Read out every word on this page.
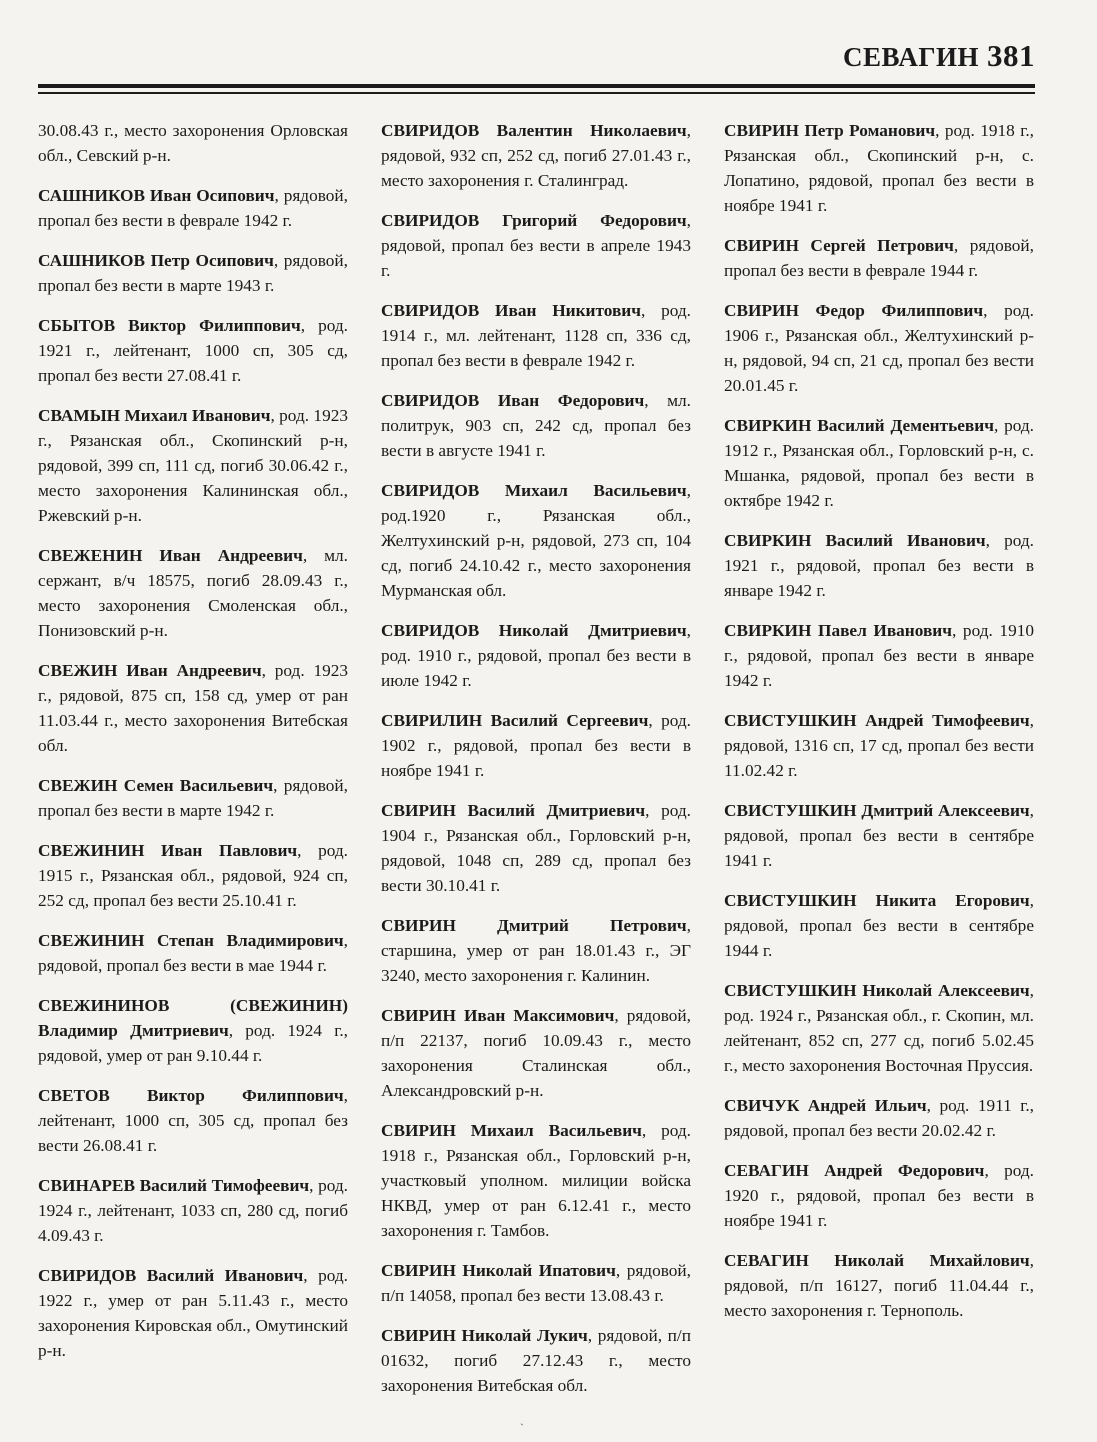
СЕВАГИН 381

30.08.43 г., место захоронения Орловская обл., Севский р-н.

САШНИКОВ Иван Осипович, рядовой, пропал без вести в феврале 1942 г.

САШНИКОВ Петр Осипович, рядовой, пропал без вести в марте 1943 г.

СБЫТОВ Виктор Филиппович, род. 1921 г., лейтенант, 1000 сп, 305 сд, пропал без вести 27.08.41 г.

СВАМЫН Михаил Иванович, род. 1923 г., Рязанская обл., Скопинский р-н, рядовой, 399 сп, 111 сд, погиб 30.06.42 г., место захоронения Калининская обл., Ржевский р-н.

СВЕЖЕНИН Иван Андреевич, мл. сержант, в/ч 18575, погиб 28.09.43 г., место захоронения Смоленская обл., Понизовский р-н.

СВЕЖИН Иван Андреевич, род. 1923 г., рядовой, 875 сп, 158 сд, умер от ран 11.03.44 г., место захоронения Витебская обл.

СВЕЖИН Семен Васильевич, рядовой, пропал без вести в марте 1942 г.

СВЕЖИНИН Иван Павлович, род. 1915 г., Рязанская обл., рядовой, 924 сп, 252 сд, пропал без вести 25.10.41 г.

СВЕЖИНИН Степан Владимирович, рядовой, пропал без вести в мае 1944 г.

СВЕЖИНИНОВ (СВЕЖИНИН) Владимир Дмитриевич, род. 1924 г., рядовой, умер от ран 9.10.44 г.

СВЕТОВ Виктор Филиппович, лейтенант, 1000 сп, 305 сд, пропал без вести 26.08.41 г.

СВИНАРЕВ Василий Тимофеевич, род. 1924 г., лейтенант, 1033 сп, 280 сд, погиб 4.09.43 г.

СВИРИДОВ Василий Иванович, род. 1922 г., умер от ран 5.11.43 г., место захоронения Кировская обл., Омутинский р-н.

СВИРИДОВ Валентин Николаевич, рядовой, 932 сп, 252 сд, погиб 27.01.43 г., место захоронения г. Сталинград.

СВИРИДОВ Григорий Федорович, рядовой, пропал без вести в апреле 1943 г.

СВИРИДОВ Иван Никитович, род. 1914 г., мл. лейтенант, 1128 сп, 336 сд, пропал без вести в феврале 1942 г.

СВИРИДОВ Иван Федорович, мл. политрук, 903 сп, 242 сд, пропал без вести в августе 1941 г.

СВИРИДОВ Михаил Васильевич, род.1920 г., Рязанская обл., Желтухинский р-н, рядовой, 273 сп, 104 сд, погиб 24.10.42 г., место захоронения Мурманская обл.

СВИРИДОВ Николай Дмитриевич, род. 1910 г., рядовой, пропал без вести в июле 1942 г.

СВИРИЛИН Василий Сергеевич, род. 1902 г., рядовой, пропал без вести в ноябре 1941 г.

СВИРИН Василий Дмитриевич, род. 1904 г., Рязанская обл., Горловский р-н, рядовой, 1048 сп, 289 сд, пропал без вести 30.10.41 г.

СВИРИН Дмитрий Петрович, старшина, умер от ран 18.01.43 г., ЭГ 3240, место захоронения г. Калинин.

СВИРИН Иван Максимович, рядовой, п/п 22137, погиб 10.09.43 г., место захоронения Сталинская обл., Александровский р-н.

СВИРИН Михаил Васильевич, род. 1918 г., Рязанская обл., Горловский р-н, участковый уполном. милиции войска НКВД, умер от ран 6.12.41 г., место захоронения г. Тамбов.

СВИРИН Николай Ипатович, рядовой, п/п 14058, пропал без вести 13.08.43 г.

СВИРИН Николай Лукич, рядовой, п/п 01632, погиб 27.12.43 г., место захоронения Витебская обл.

СВИРИН Петр Романович, род. 1918 г., Рязанская обл., Скопинский р-н, с. Лопатино, рядовой, пропал без вести в ноябре 1941 г.

СВИРИН Сергей Петрович, рядовой, пропал без вести в феврале 1944 г.

СВИРИН Федор Филиппович, род. 1906 г., Рязанская обл., Желтухинский р-н, рядовой, 94 сп, 21 сд, пропал без вести 20.01.45 г.

СВИРКИН Василий Дементьевич, род. 1912 г., Рязанская обл., Горловский р-н, с. Мшанка, рядовой, пропал без вести в октябре 1942 г.

СВИРКИН Василий Иванович, род. 1921 г., рядовой, пропал без вести в январе 1942 г.

СВИРКИН Павел Иванович, род. 1910 г., рядовой, пропал без вести в январе 1942 г.

СВИСТУШКИН Андрей Тимофеевич, рядовой, 1316 сп, 17 сд, пропал без вести 11.02.42 г.

СВИСТУШКИН Дмитрий Алексеевич, рядовой, пропал без вести в сентябре 1941 г.

СВИСТУШКИН Никита Егорович, рядовой, пропал без вести в сентябре 1944 г.

СВИСТУШКИН Николай Алексеевич, род. 1924 г., Рязанская обл., г. Скопин, мл. лейтенант, 852 сп, 277 сд, погиб 5.02.45 г., место захоронения Восточная Пруссия.

СВИЧУК Андрей Ильич, род. 1911 г., рядовой, пропал без вести 20.02.42 г.

СЕВАГИН Андрей Федорович, род. 1920 г., рядовой, пропал без вести в ноябре 1941 г.

СЕВАГИН Николай Михайлович, рядовой, п/п 16127, погиб 11.04.44 г., место захоронения г. Тернополь.

ˏ
